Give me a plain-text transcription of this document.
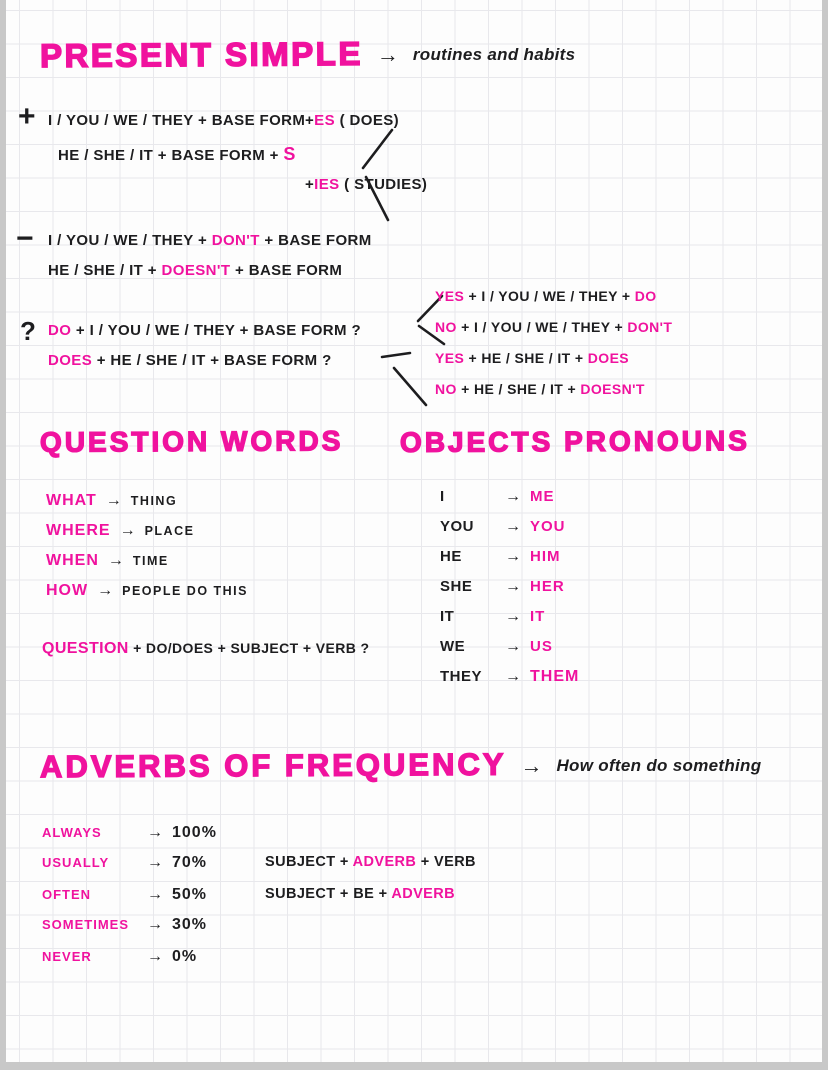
PRESENT SIMPLE → routines and habits
+ I / YOU / WE / THEY + BASE FORM
HE / SHE / IT + BASE FORM + S
+ES ( DOES)
+IES ( STUDIES)
− I / YOU / WE / THEY + DON'T + BASE FORM
HE / SHE / IT + DOESN'T + BASE FORM
? DO + I / YOU / WE / THEY + BASE FORM ?
DOES + HE / SHE / IT + BASE FORM ?
YES + I / YOU / WE / THEY + DO
NO + I / YOU / WE / THEY + DON'T
YES + HE / SHE / IT + DOES
NO + HE / SHE / IT + DOESN'T
QUESTION WORDS OBJECTS PRONOUNS
WHAT → THING
WHERE → PLACE
WHEN → TIME
HOW → PEOPLE DO THIS
QUESTION + DO/DOES + SUBJECT + VERB ?
I	→ ME
YOU	→ YOU
HE	→ HIM
SHE	→ HER
IT	→ IT
WE	→ US
THEY	→ THEM
ADVERBS OF FREQUENCY → How often do something
ALWAYS	→ 100%
USUALLY	→ 70%
OFTEN	→ 50%
SOMETIMES	→ 30%
NEVER	→ 0%
SUBJECT + ADVERB + VERB
SUBJECT + BE + ADVERB
